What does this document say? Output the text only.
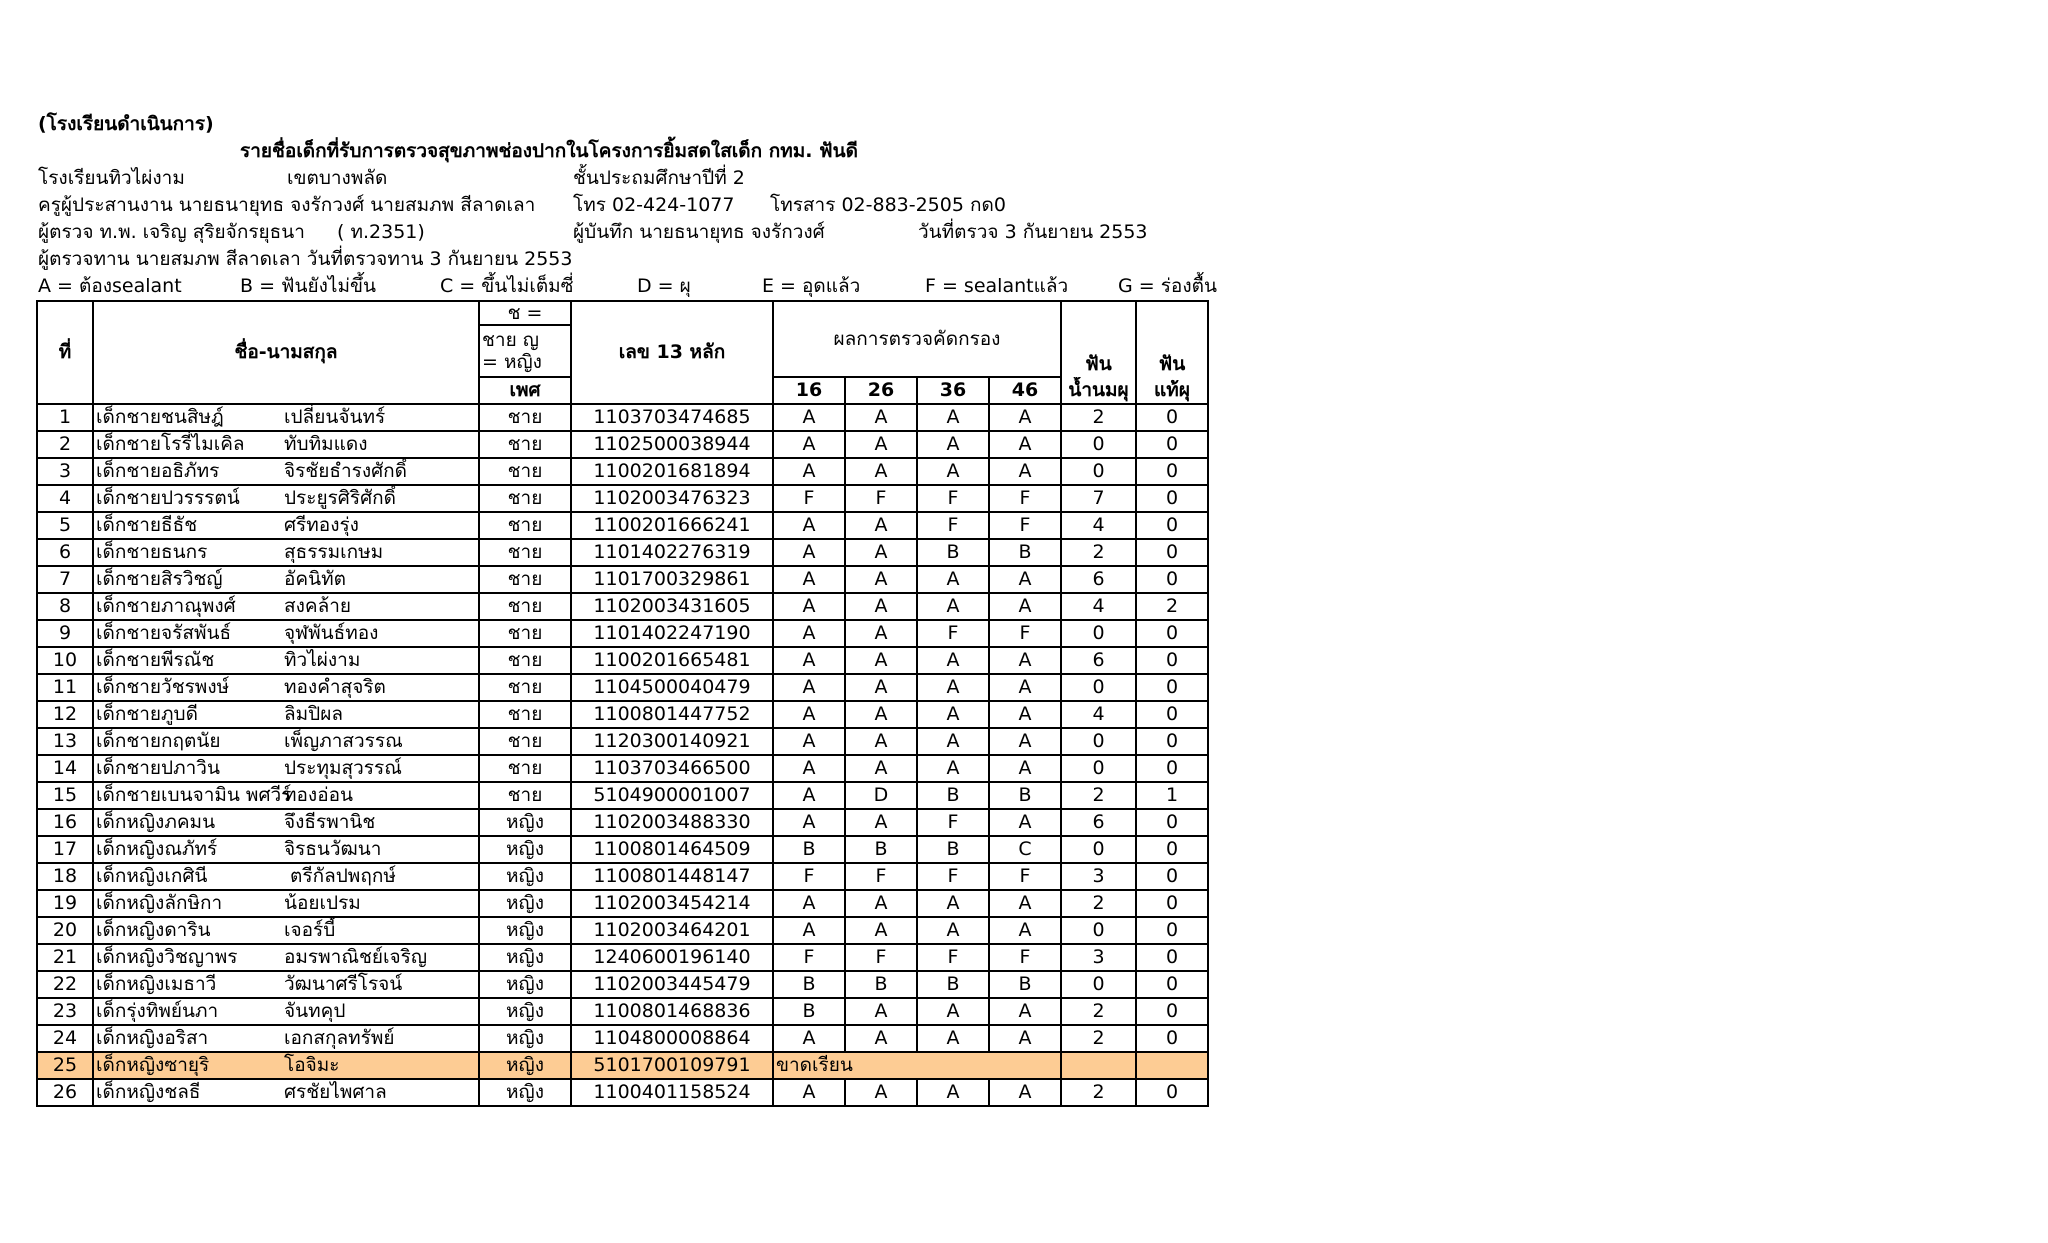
(โรงเรียนดำเนินการ)
รายชื่อเด็กที่รับการตรวจสุขภาพช่องปากในโครงการยิ้มสดใสเด็ก กทม. ฟันดี
โรงเรียนทิวไผ่งาม	เขตบางพลัด	ชั้นประถมศึกษาปีที่ 2
ครูผู้ประสานงาน นายธนายุทธ จงรักวงศ์ นายสมภพ สีลาดเลา โทร 02-424-1077 โทรสาร 02-883-2505 กด0
ผู้ตรวจ ท.พ. เจริญ สุริยจักรยุธนา ( ท.2351)	ผู้บันทึก นายธนายุทธ จงรักวงศ์	วันที่ตรวจ 3 กันยายน 2553
ผู้ตรวจทาน นายสมภพ สีลาดเลา วันที่ตรวจทาน 3 กันยายน 2553
A = ต้องsealant	B = ฟันยังไม่ขึ้น	C = ขึ้นไม่เต็มซี่	D = ผุ	E = อุดแล้ว	F = sealantแล้ว	G = ร่องตื้น
ที่	ชื่อ-นามสกุล	ช =	เลข 13 หลัก	ผลการตรวจคัดกรอง				ฟัน	ฟัน

		ชาย ญ
= หญิง							

		เพศ		16	26	36	46	น้ำนมผุ	แท้ผุ
1	เด็กชายชนสิษฎ์ เปลี่ยนจันทร์	ชาย	1103703474685	A	A	A	A	2	0
2	เด็กชายโรรี่ไมเคิล ทับทิมแดง	ชาย	1102500038944	A	A	A	A	0	0
3	เด็กชายอธิภัทร จิรชัยธำรงศักดิ์	ชาย	1100201681894	A	A	A	A	0	0
4	เด็กชายปวรรรตน์ ประยูรศิริศักดิ์	ชาย	1102003476323	F	F	F	F	7	0
5	เด็กชายธีธัช ศรีทองรุ่ง	ชาย	1100201666241	A	A	F	F	4	0
6	เด็กชายธนกร สุธรรมเกษม	ชาย	1101402276319	A	A	B	B	2	0
7	เด็กชายสิรวิชญ์ อัคนิทัต	ชาย	1101700329861	A	A	A	A	6	0
8	เด็กชายภาณุพงศ์ สงคล้าย	ชาย	1102003431605	A	A	A	A	4	2
9	เด็กชายจรัสพันธ์ จุฬพันธ์ทอง	ชาย	1101402247190	A	A	F	F	0	0
10	เด็กชายพีรณัช ทิวไผ่งาม	ชาย	1100201665481	A	A	A	A	6	0
11	เด็กชายวัชรพงษ์ ทองคำสุจริต	ชาย	1104500040479	A	A	A	A	0	0
12	เด็กชายภูบดี ลิมปิผล	ชาย	1100801447752	A	A	A	A	4	0
13	เด็กชายกฤตนัย เพ็ญภาสวรรณ	ชาย	1120300140921	A	A	A	A	0	0
14	เด็กชายปภาวิน ประทุมสุวรรณ์	ชาย	1103703466500	A	A	A	A	0	0
15	เด็กชายเบนจามิน พศวีร์ทองอ่อน	ชาย	5104900001007	A	D	B	B	2	1
16	เด็กหญิงภคมน จึงธีรพานิช	หญิง	1102003488330	A	A	F	A	6	0
17	เด็กหญิงณภัทร์ จิรธนวัฒนา	หญิง	1100801464509	B	B	B	C	0	0
18	เด็กหญิงเกศินี ตรีกัลปพฤกษ์	หญิง	1100801448147	F	F	F	F	3	0
19	เด็กหญิงลักษิกา น้อยเปรม	หญิง	1102003454214	A	A	A	A	2	0
20	เด็กหญิงดาริน เจอร์บี้	หญิง	1102003464201	A	A	A	A	0	0
21	เด็กหญิงวิชญาพร อมรพาณิชย์เจริญ	หญิง	1240600196140	F	F	F	F	3	0
22	เด็กหญิงเมธาวี วัฒนาศรีโรจน์	หญิง	1102003445479	B	B	B	B	0	0
23	เด็กรุ่งทิพย์นภา จันทคุป	หญิง	1100801468836	B	A	A	A	2	0
24	เด็กหญิงอริสา เอกสกุลทรัพย์	หญิง	1104800008864	A	A	A	A	2	0
25	เด็กหญิงซายุริ โอจิมะ	หญิง	5101700109791	ขาดเรียน					
26	เด็กหญิงชลธี ศรชัยไพศาล	หญิง	1100401158524	A	A	A	A	2	0
